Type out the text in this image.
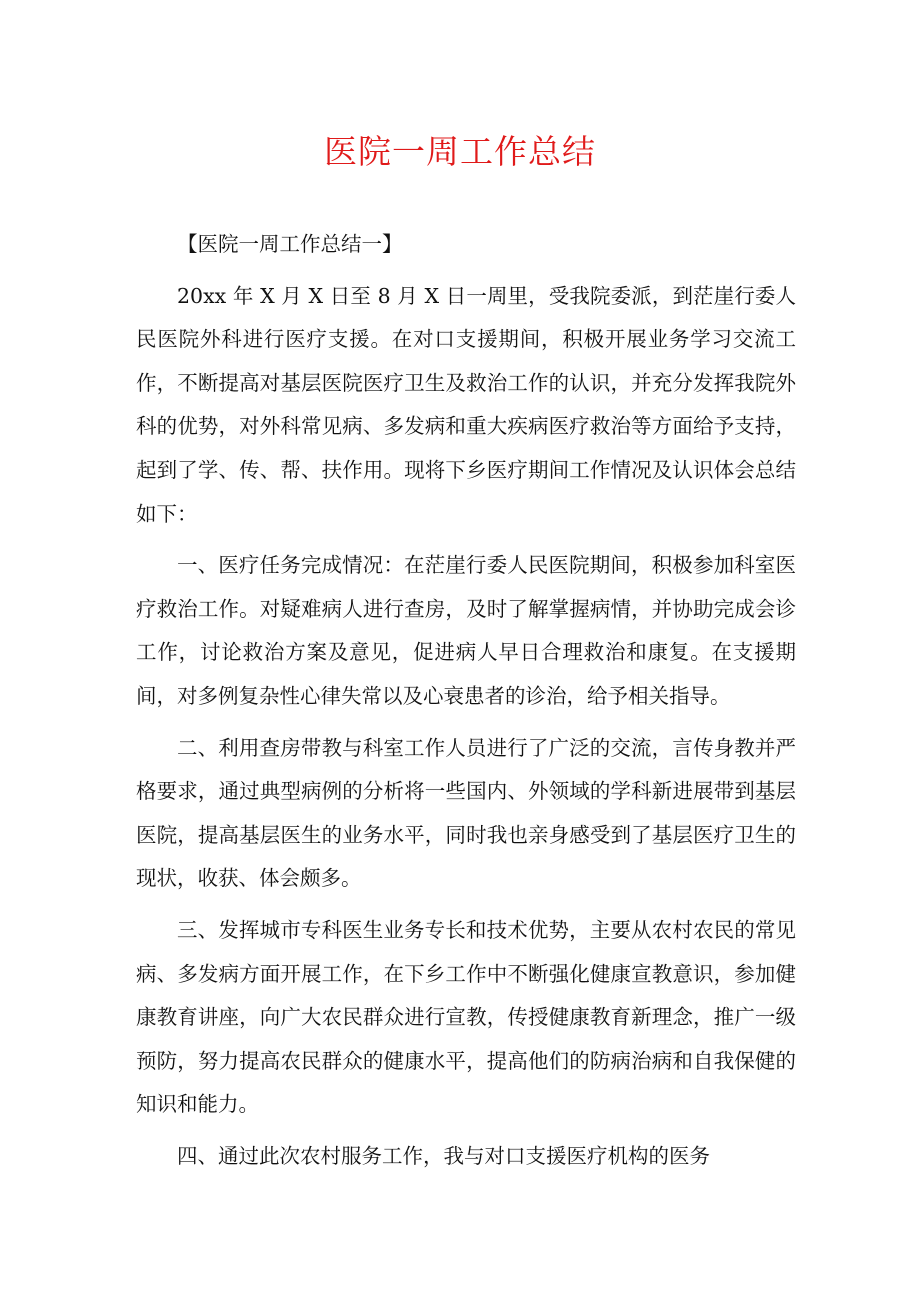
医院一周工作总结

【医院一周工作总结一】

20xx 年 X 月 X 日至 8 月 X 日一周里，受我院委派，到茫崖行委人民医院外科进行医疗支援。在对口支援期间，积极开展业务学习交流工作，不断提高对基层医院医疗卫生及救治工作的认识，并充分发挥我院外科的优势，对外科常见病、多发病和重大疾病医疗救治等方面给予支持，起到了学、传、帮、扶作用。现将下乡医疗期间工作情况及认识体会总结如下：

一、医疗任务完成情况：在茫崖行委人民医院期间，积极参加科室医疗救治工作。对疑难病人进行查房，及时了解掌握病情，并协助完成会诊工作，讨论救治方案及意见，促进病人早日合理救治和康复。在支援期间，对多例复杂性心律失常以及心衰患者的诊治，给予相关指导。

二、利用查房带教与科室工作人员进行了广泛的交流，言传身教并严格要求，通过典型病例的分析将一些国内、外领域的学科新进展带到基层医院，提高基层医生的业务水平，同时我也亲身感受到了基层医疗卫生的现状，收获、体会颇多。

三、发挥城市专科医生业务专长和技术优势，主要从农村农民的常见病、多发病方面开展工作，在下乡工作中不断强化健康宣教意识，参加健康教育讲座，向广大农民群众进行宣教，传授健康教育新理念，推广一级预防，努力提高农民群众的健康水平，提高他们的防病治病和自我保健的知识和能力。

四、通过此次农村服务工作，我与对口支援医疗机构的医务
